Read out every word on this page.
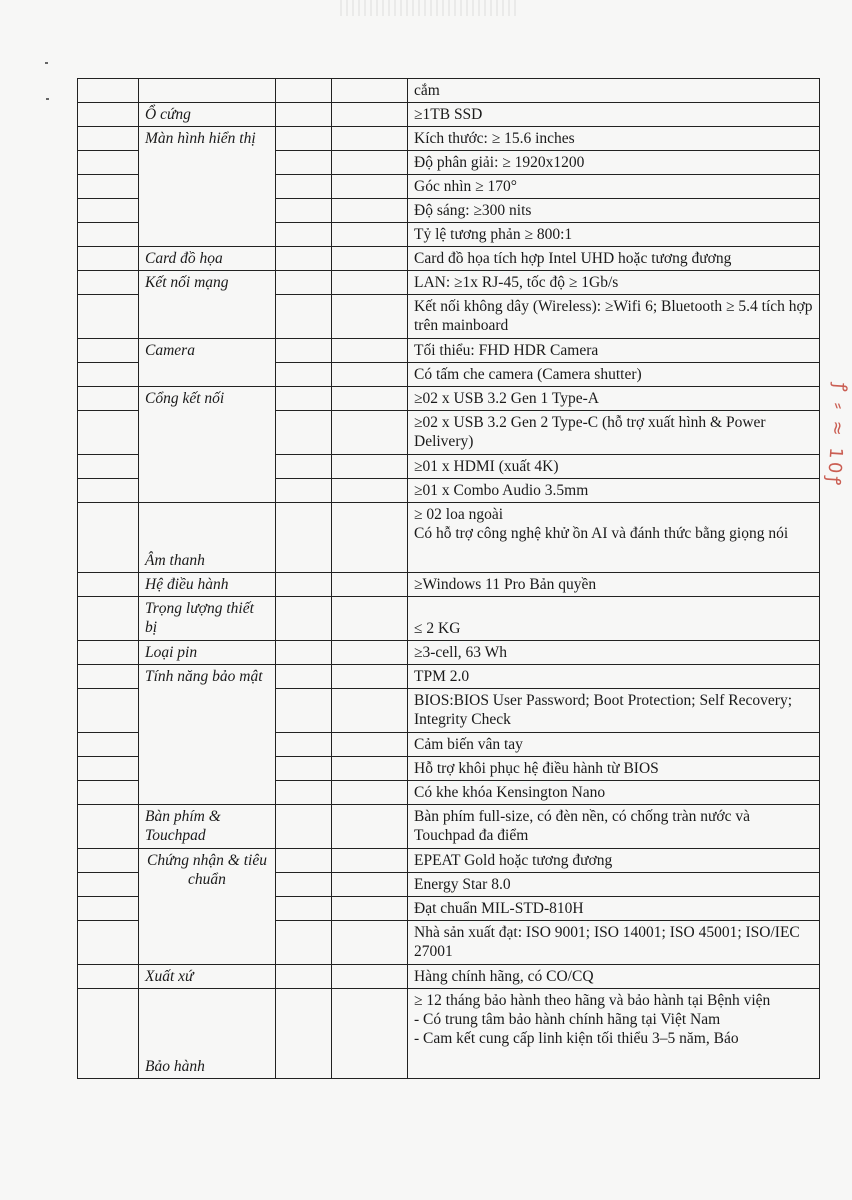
ꝭ ⸗ ≈ 10ꝭ
				cắm
	Ổ cứng			≥1TB SSD
	Màn hình hiển thị			Kích thước: ≥ 15.6 inches
				Độ phân giải: ≥ 1920x1200
				Góc nhìn ≥ 170°
				Độ sáng: ≥300 nits
				Tỷ lệ tương phản ≥ 800:1
	Card đồ họa			Card đồ họa tích hợp Intel UHD hoặc tương đương
	Kết nối mạng			LAN: ≥1x RJ-45, tốc độ ≥ 1Gb/s
				Kết nối không dây (Wireless): ≥Wifi 6; Bluetooth ≥ 5.4 tích hợp trên mainboard
	Camera			Tối thiểu: FHD HDR Camera
				Có tấm che camera (Camera shutter)
	Cổng kết nối			≥02 x USB 3.2 Gen 1 Type-A
				≥02 x USB 3.2 Gen 2 Type-C (hỗ trợ xuất hình & Power Delivery)
				≥01 x HDMI (xuất 4K)
				≥01 x Combo Audio 3.5mm
	Âm thanh			≥ 02 loa ngoài
Có hỗ trợ công nghệ khử ồn AI và đánh thức bằng giọng nói
	Hệ điều hành			≥Windows 11 Pro Bản quyền
	Trọng lượng thiết bị			≤ 2 KG
	Loại pin			≥3-cell, 63 Wh
	Tính năng bảo mật			TPM 2.0
				BIOS:BIOS User Password; Boot Protection; Self Recovery; Integrity Check
				Cảm biến vân tay
				Hỗ trợ khôi phục hệ điều hành từ BIOS
				Có khe khóa Kensington Nano
	Bàn phím & Touchpad			Bàn phím full-size, có đèn nền, có chống tràn nước và Touchpad đa điểm
	Chứng nhận & tiêu chuẩn			EPEAT Gold hoặc tương đương
				Energy Star 8.0
				Đạt chuẩn MIL-STD-810H
				Nhà sản xuất đạt: ISO 9001; ISO 14001; ISO 45001; ISO/IEC 27001
	Xuất xứ			Hàng chính hãng, có CO/CQ
	Bảo hành			≥ 12 tháng bảo hành theo hãng và bảo hành tại Bệnh viện
- Có trung tâm bảo hành chính hãng tại Việt Nam
- Cam kết cung cấp linh kiện tối thiểu 3–5 năm, Báo
